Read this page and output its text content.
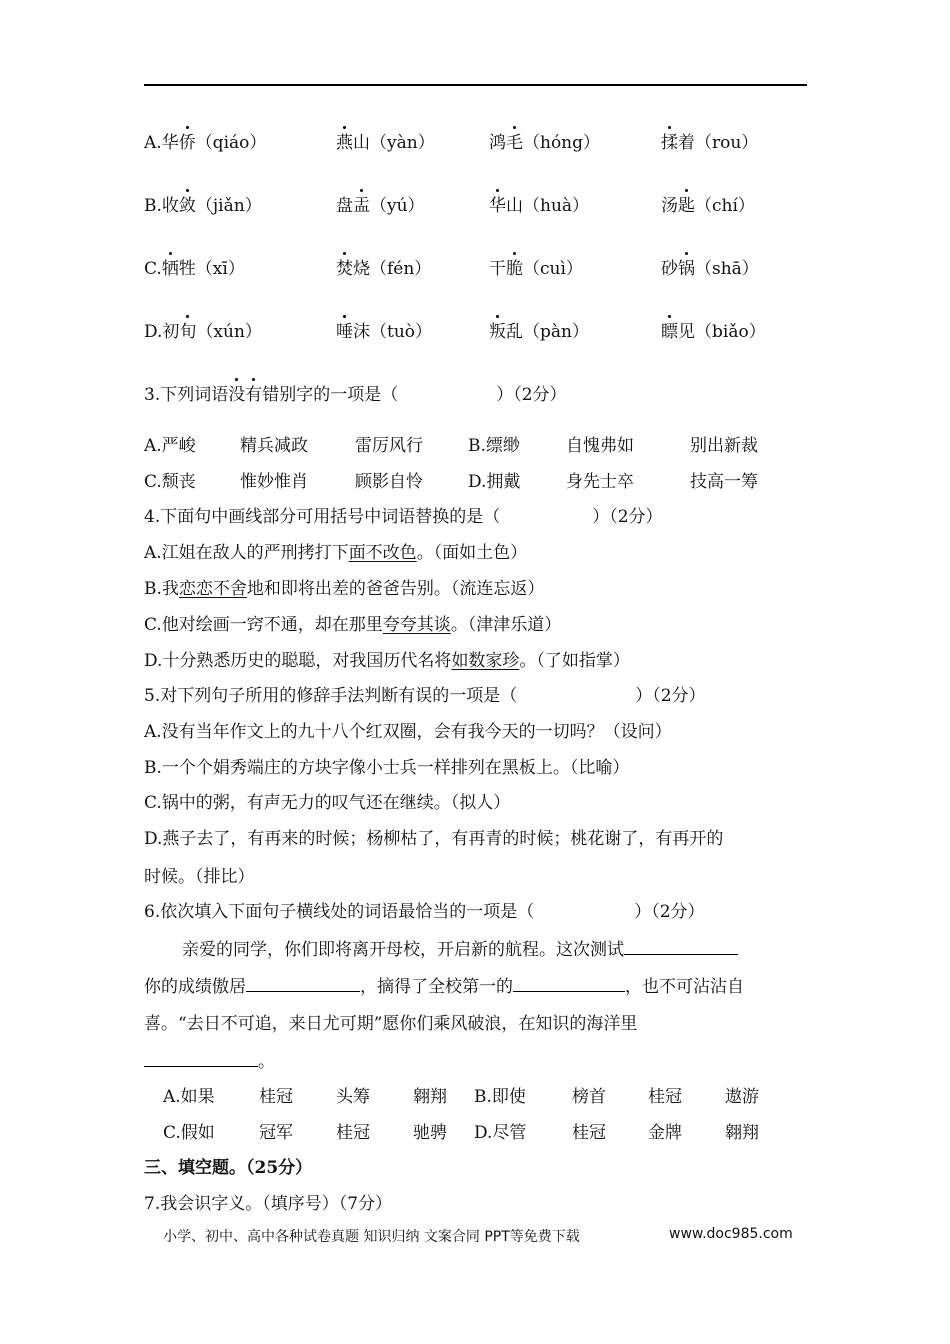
A.华侨（qiáo）	燕山（yàn）	鸿毛（hóng）	揉着（rou）
B.收敛（jiǎn）	盘盂（yú）	华山（huà）	汤匙（chí）
C.牺牲（xī）	焚烧（fén）	干脆（cuì）	砂锅（shā）
D.初旬（xún）	唾沫（tuò）	叛乱（pàn）	瞟见（biǎo）
3.下列词语没有错别字的一项是（	）（2分）
A.严峻	精兵减政	雷厉风行	B.缥缈	自愧弗如	别出新裁
C.颓丧	惟妙惟肖	顾影自怜	D.拥戴	身先士卒	技高一筹
4.下面句中画线部分可用括号中词语替换的是（	）（2分）
A.江姐在敌人的严刑拷打下面不改色。（面如土色）
B.我恋恋不舍地和即将出差的爸爸告别。（流连忘返）
C.他对绘画一窍不通，却在那里夸夸其谈。（津津乐道）
D.十分熟悉历史的聪聪，对我国历代名将如数家珍。（了如指掌）
5.对下列句子所用的修辞手法判断有误的一项是（	）（2分）
A.没有当年作文上的九十八个红双圈，会有我今天的一切吗？（设问）
B.一个个娟秀端庄的方块字像小士兵一样排列在黑板上。（比喻）
C.锅中的粥，有声无力的叹气还在继续。（拟人）
D.燕子去了，有再来的时候；杨柳枯了，有再青的时候；桃花谢了，有再开的
时候。（排比）
6.依次填入下面句子横线处的词语最恰当的一项是（	）（2分）
亲爱的同学，你们即将离开母校，开启新的航程。这次测试
你的成绩傲居	，摘得了全校第一的	，也不可沾沾自
喜。“去日不可追，来日尤可期”愿你们乘风破浪，在知识的海洋里
。
A.如果	桂冠	头筹	翱翔 B.即使	榜首 桂冠	遨游
C.假如	冠军	桂冠	驰骋 D.尽管	桂冠 金牌	翱翔
三、填空题。（25分）
7.我会识字义。（填序号）（7分）
小学、初中、高中各种试卷真题 知识归纳 文案合同 PPT等免费下载	www.doc985.com
